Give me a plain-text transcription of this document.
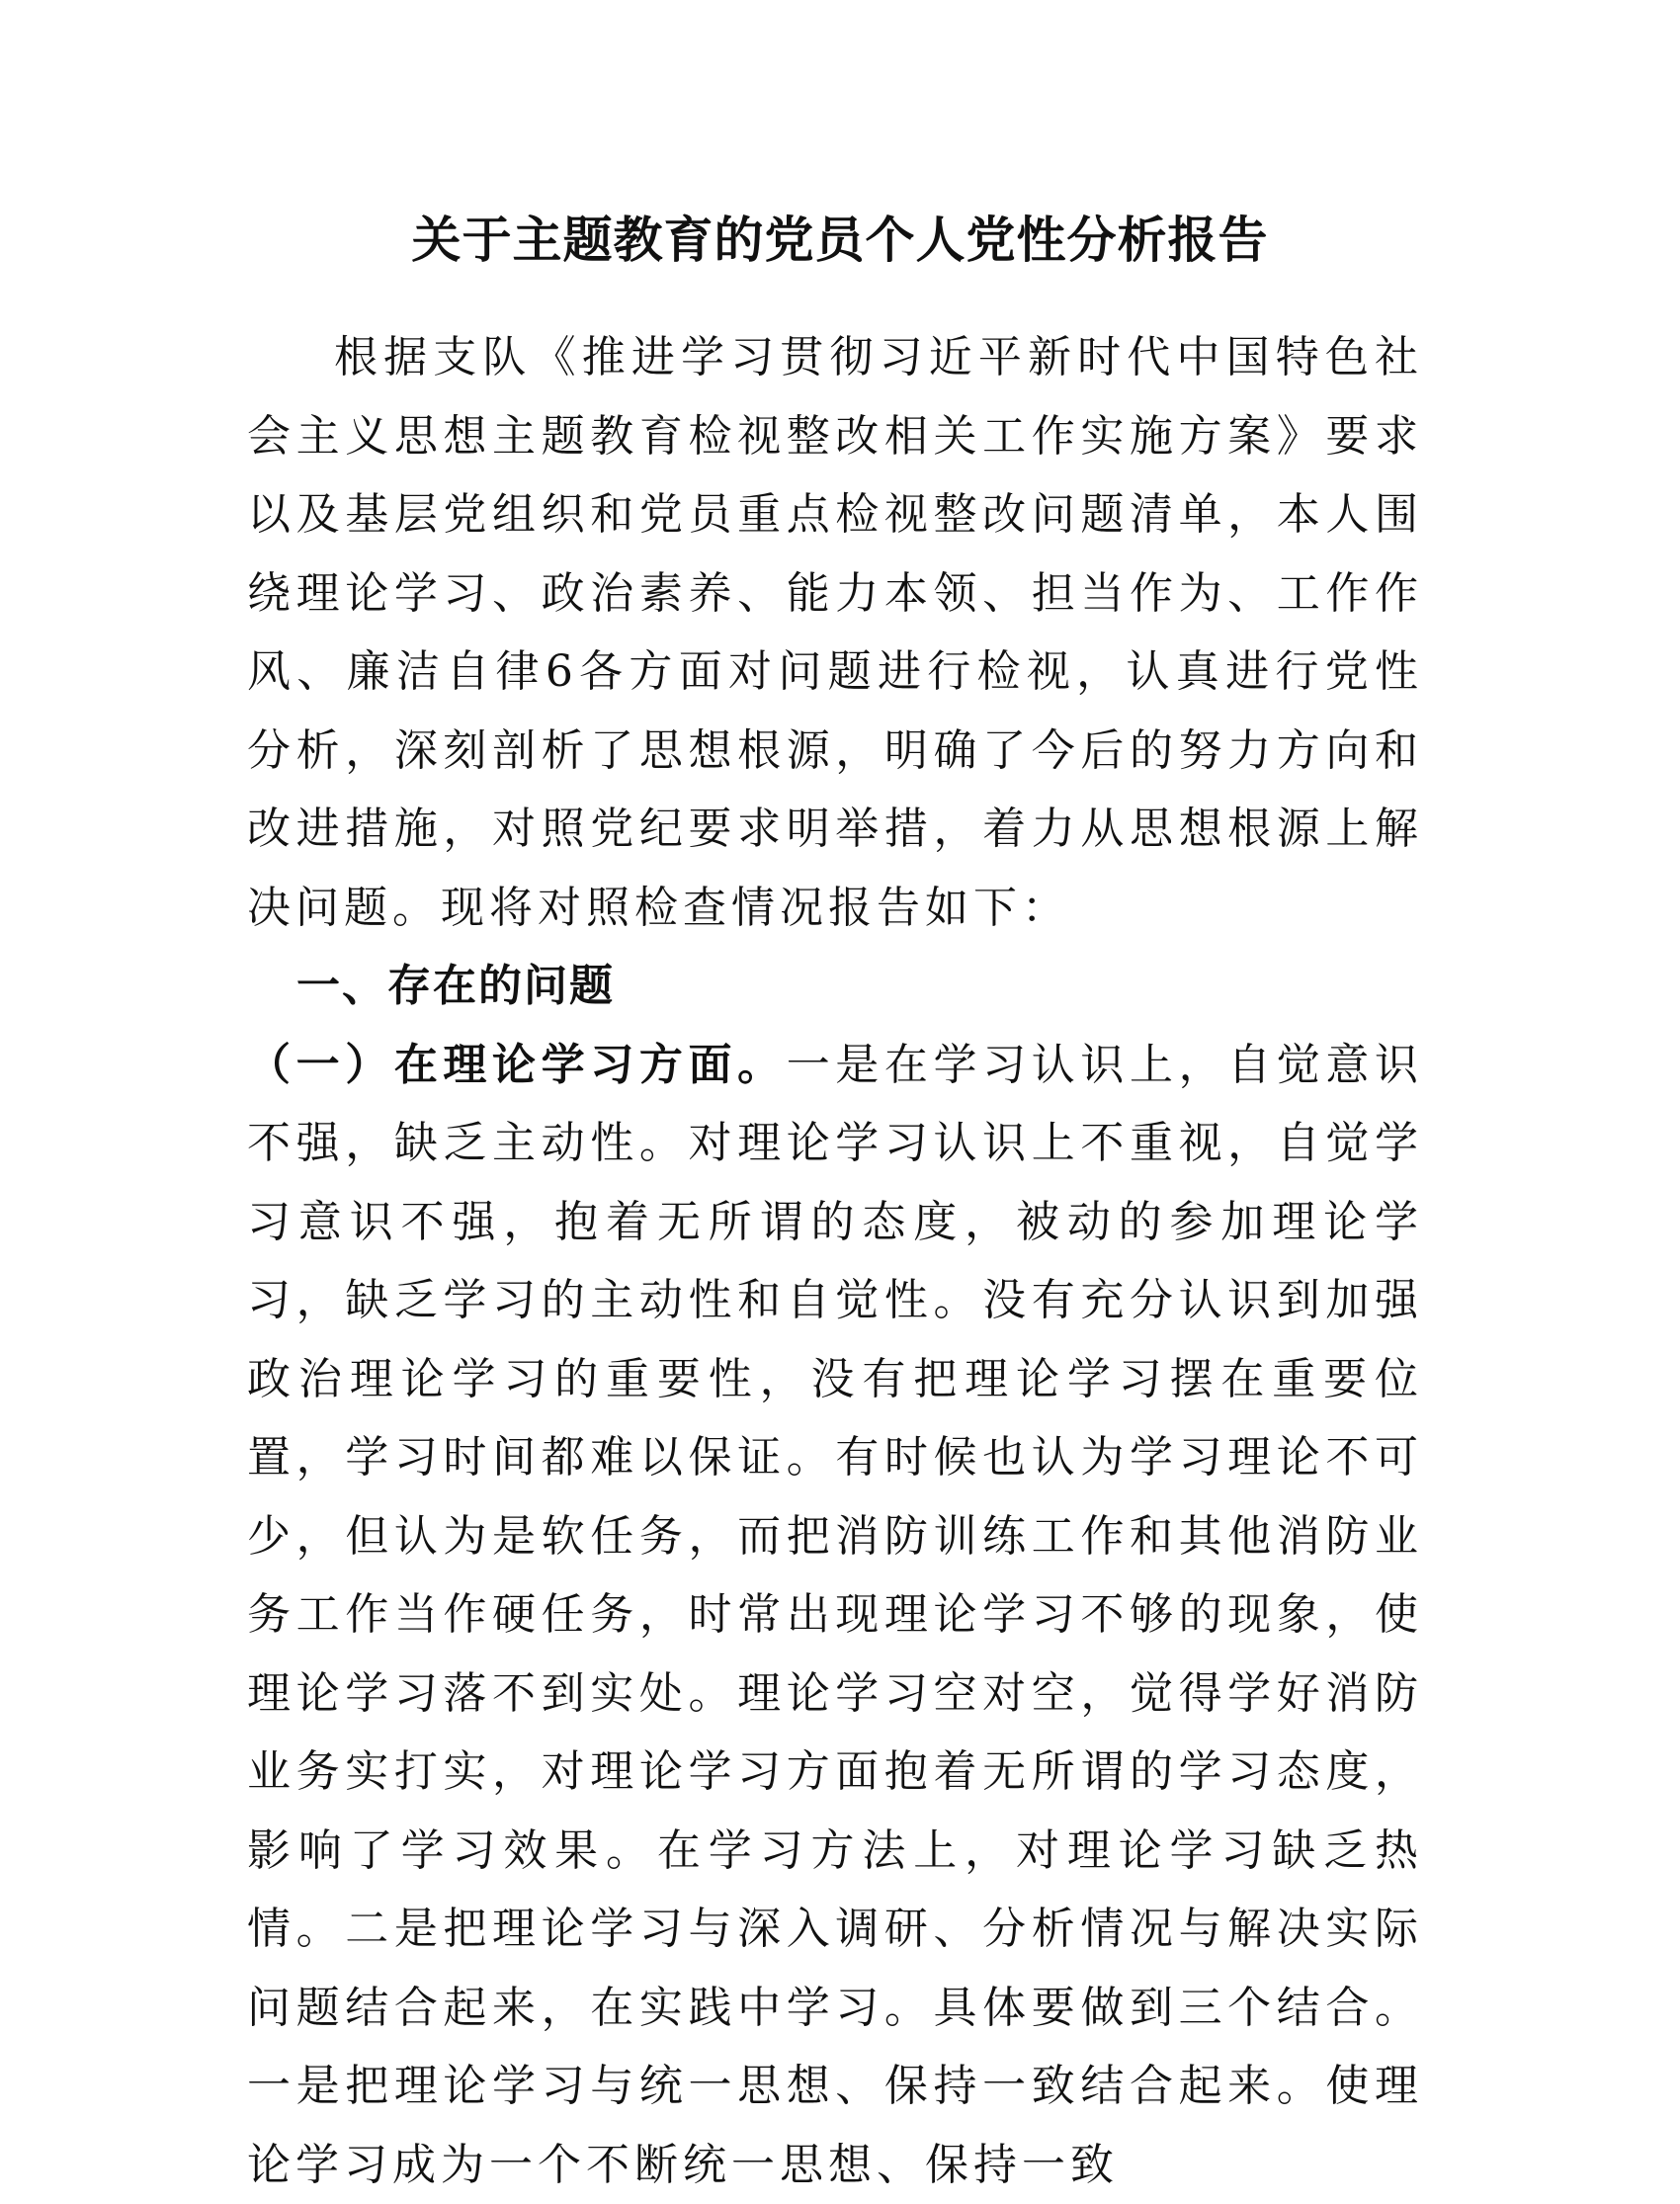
关于主题教育的党员个人党性分析报告

根据支队《推进学习贯彻习近平新时代中国特色社会主义思想主题教育检视整改相关工作实施方案》要求以及基层党组织和党员重点检视整改问题清单，本人围绕理论学习、政治素养、能力本领、担当作为、工作作风、廉洁自律6各方面对问题进行检视，认真进行党性分析，深刻剖析了思想根源，明确了今后的努力方向和改进措施，对照党纪要求明举措，着力从思想根源上解决问题。现将对照检查情况报告如下：

一、存在的问题

（一）在理论学习方面。一是在学习认识上，自觉意识不强，缺乏主动性。对理论学习认识上不重视，自觉学习意识不强，抱着无所谓的态度，被动的参加理论学习，缺乏学习的主动性和自觉性。没有充分认识到加强政治理论学习的重要性，没有把理论学习摆在重要位置，学习时间都难以保证。有时候也认为学习理论不可少，但认为是软任务，而把消防训练工作和其他消防业务工作当作硬任务，时常出现理论学习不够的现象，使理论学习落不到实处。理论学习空对空，觉得学好消防业务实打实，对理论学习方面抱着无所谓的学习态度，影响了学习效果。在学习方法上，对理论学习缺乏热情。二是把理论学习与深入调研、分析情况与解决实际问题结合起来，在实践中学习。具体要做到三个结合。一是把理论学习与统一思想、保持一致结合起来。使理论学习成为一个不断统一思想、保持一致
